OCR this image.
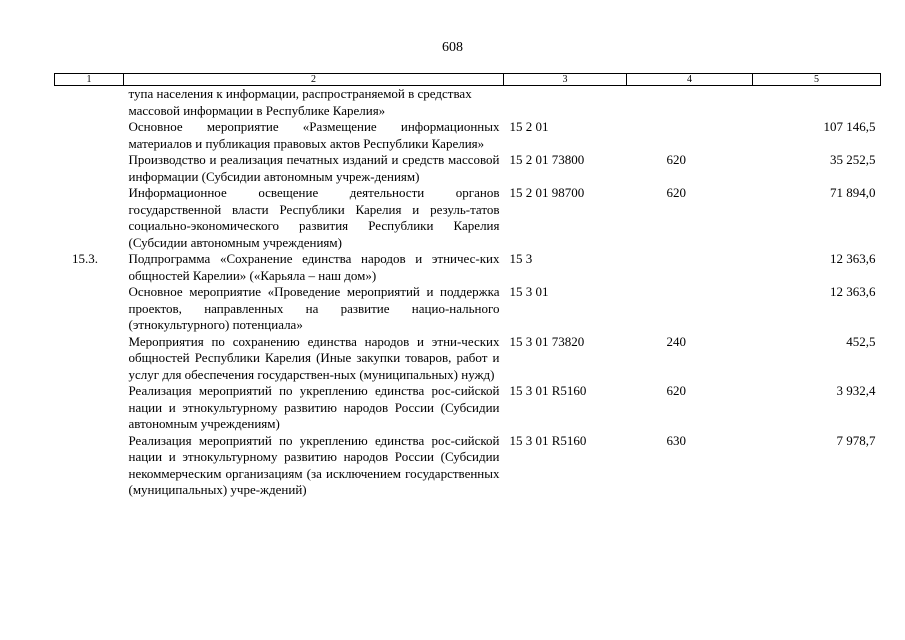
608
1	2	3	4	5
	тупа населения к информации, распространяемой в средствах массовой информации в Республике Карелия»			
	Основное мероприятие «Размещение информационных материалов и публикация правовых актов Республики Карелия»	15 2 01		107 146,5
	Производство и реализация печатных изданий и средств массовой информации (Субсидии автономным учреж-дениям)	15 2 01 73800	620	35 252,5
	Информационное освещение деятельности органов государственной власти Республики Карелия и резуль-татов социально-экономического развития Республики Карелия (Субсидии автономным учреждениям)	15 2 01 98700	620	71 894,0
15.3.	Подпрограмма «Сохранение единства народов и этничес-ких общностей Карелии» («Карьяла – наш дом»)	15 3		12 363,6
	Основное мероприятие «Проведение мероприятий и поддержка проектов, направленных на развитие нацио-нального (этнокультурного) потенциала»	15 3 01		12 363,6
	Мероприятия по сохранению единства народов и этни-ческих общностей Республики Карелия (Иные закупки товаров, работ и услуг для обеспечения государствен-ных (муниципальных) нужд)	15 3 01 73820	240	452,5
	Реализация мероприятий по укреплению единства рос-сийской нации и этнокультурному развитию народов России (Субсидии автономным учреждениям)	15 3 01 R5160	620	3 932,4
	Реализация мероприятий по укреплению единства рос-сийской нации и этнокультурному развитию народов России (Субсидии некоммерческим организациям (за исключением государственных (муниципальных) учре-ждений)	15 3 01 R5160	630	7 978,7
